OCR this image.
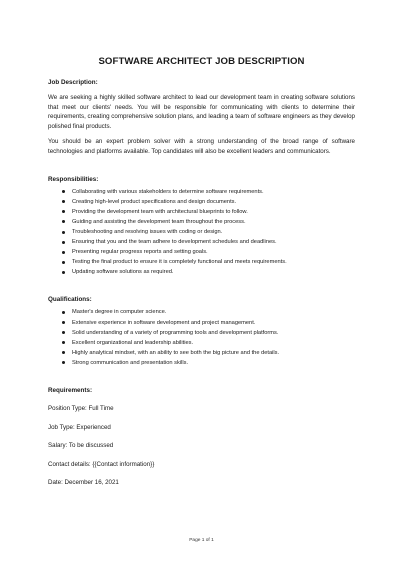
SOFTWARE ARCHITECT JOB DESCRIPTION
Job Description:

We are seeking a highly skilled software architect to lead our development team in creating software solutions that meet our clients' needs. You will be responsible for communicating with clients to determine their requirements, creating comprehensive solution plans, and leading a team of software engineers as they develop polished final products.

You should be an expert problem solver with a strong understanding of the broad range of software technologies and platforms available. Top candidates will also be excellent leaders and communicators.

Responsibilities:
Collaborating with various stakeholders to determine software requirements.
Creating high-level product specifications and design documents.
Providing the development team with architectural blueprints to follow.
Guiding and assisting the development team throughout the process.
Troubleshooting and resolving issues with coding or design.
Ensuring that you and the team adhere to development schedules and deadlines.
Presenting regular progress reports and setting goals.
Testing the final product to ensure it is completely functional and meets requirements.
Updating software solutions as required.
Qualifications:
Master's degree in computer science.
Extensive experience in software development and project management.
Solid understanding of a variety of programming tools and development platforms.
Excellent organizational and leadership abilities.
Highly analytical mindset, with an ability to see both the big picture and the details.
Strong communication and presentation skills.
Requirements:
Position Type: Full Time
Job Type: Experienced
Salary: To be discussed
Contact details: {{Contact information}}
Date: December 16, 2021
Page 1 of 1
